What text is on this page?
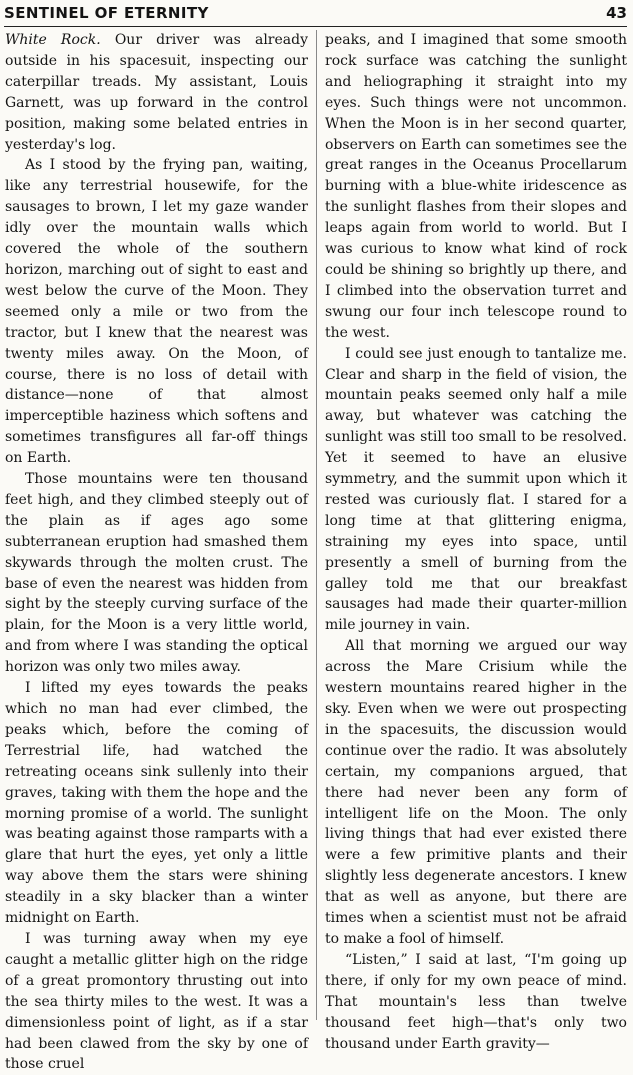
SENTINEL OF ETERNITY	43

White Rock. Our driver was already outside in his spacesuit, inspecting our caterpillar treads. My assistant, Louis Garnett, was up forward in the control position, making some belated entries in yesterday's log.

As I stood by the frying pan, waiting, like any terrestrial housewife, for the sausages to brown, I let my gaze wander idly over the mountain walls which covered the whole of the southern horizon, marching out of sight to east and west below the curve of the Moon. They seemed only a mile or two from the tractor, but I knew that the nearest was twenty miles away. On the Moon, of course, there is no loss of detail with distance—none of that almost imperceptible haziness which softens and sometimes transfigures all far-off things on Earth.

Those mountains were ten thousand feet high, and they climbed steeply out of the plain as if ages ago some subterranean eruption had smashed them skywards through the molten crust. The base of even the nearest was hidden from sight by the steeply curving surface of the plain, for the Moon is a very little world, and from where I was standing the optical horizon was only two miles away.

I lifted my eyes towards the peaks which no man had ever climbed, the peaks which, before the coming of Terrestrial life, had watched the retreating oceans sink sullenly into their graves, taking with them the hope and the morning promise of a world. The sunlight was beating against those ramparts with a glare that hurt the eyes, yet only a little way above them the stars were shining steadily in a sky blacker than a winter midnight on Earth.

I was turning away when my eye caught a metallic glitter high on the ridge of a great promontory thrusting out into the sea thirty miles to the west. It was a dimensionless point of light, as if a star had been clawed from the sky by one of those cruel

peaks, and I imagined that some smooth rock surface was catching the sunlight and heliographing it straight into my eyes. Such things were not uncommon. When the Moon is in her second quarter, observers on Earth can sometimes see the great ranges in the Oceanus Procellarum burning with a blue-white iridescence as the sunlight flashes from their slopes and leaps again from world to world. But I was curious to know what kind of rock could be shining so brightly up there, and I climbed into the observation turret and swung our four inch telescope round to the west.

I could see just enough to tantalize me. Clear and sharp in the field of vision, the mountain peaks seemed only half a mile away, but whatever was catching the sunlight was still too small to be resolved. Yet it seemed to have an elusive symmetry, and the summit upon which it rested was curiously flat. I stared for a long time at that glittering enigma, straining my eyes into space, until presently a smell of burning from the galley told me that our breakfast sausages had made their quarter-million mile journey in vain.

All that morning we argued our way across the Mare Crisium while the western mountains reared higher in the sky. Even when we were out prospecting in the spacesuits, the discussion would continue over the radio. It was absolutely certain, my companions argued, that there had never been any form of intelligent life on the Moon. The only living things that had ever existed there were a few primitive plants and their slightly less degenerate ancestors. I knew that as well as anyone, but there are times when a scientist must not be afraid to make a fool of himself.

“Listen,” I said at last, “I'm going up there, if only for my own peace of mind. That mountain's less than twelve thousand feet high—that's only two thousand under Earth gravity—
